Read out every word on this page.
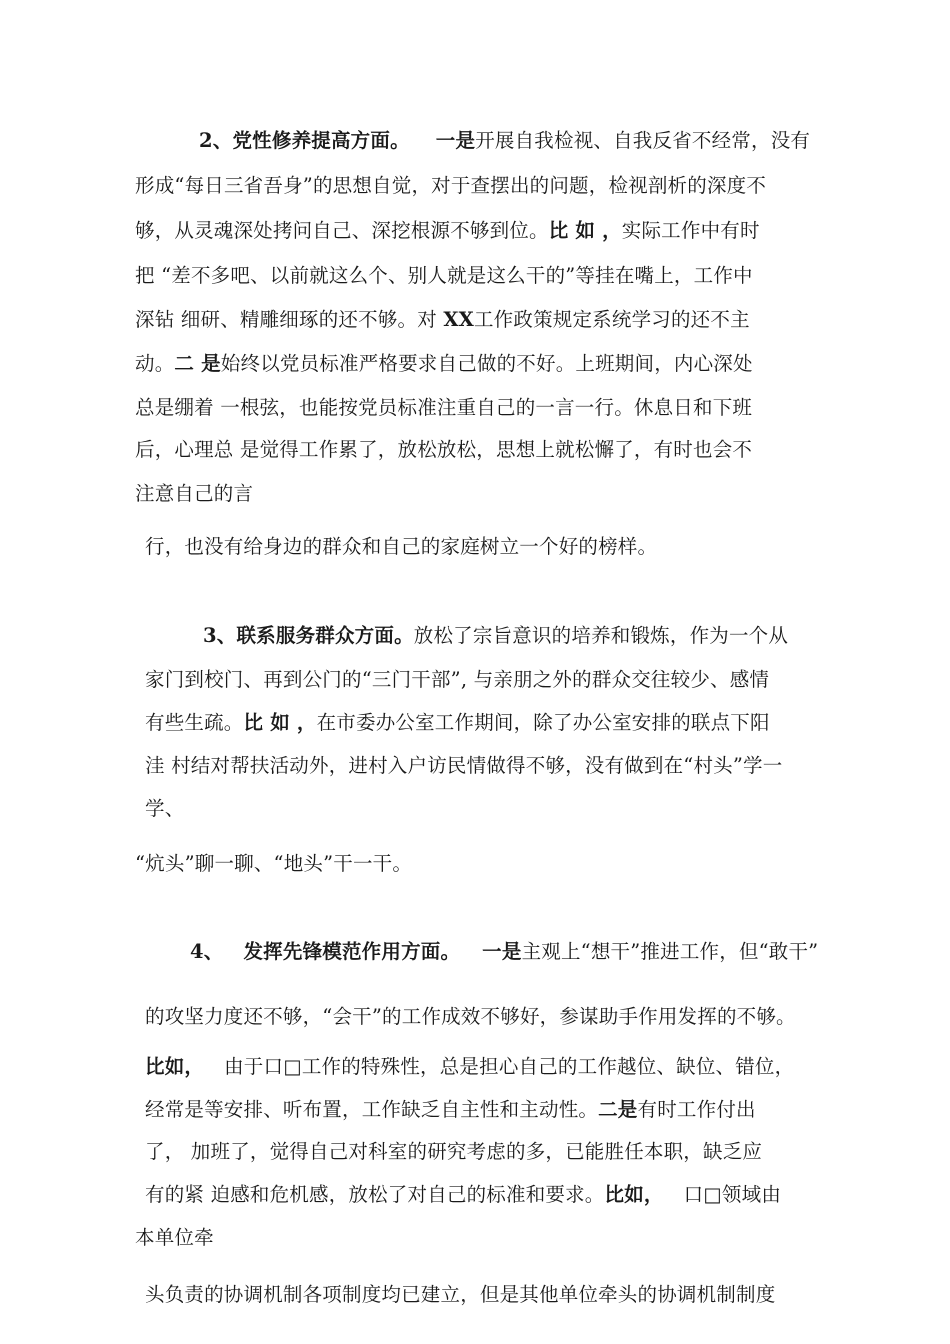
2、党性修养提高方面。 一是开展自我检视、自我反省不经常，没有
形成“每日三省吾身”的思想自觉，对于查摆出的问题，检视剖析的深度不
够，从灵魂深处拷问自己、深挖根源不够到位。比 如 ，实际工作中有时
把 “差不多吧、以前就这么个、别人就是这么干的”等挂在嘴上，工作中
深钻 细研、精雕细琢的还不够。对 XX工作政策规定系统学习的还不主
动。二 是始终以党员标准严格要求自己做的不好。上班期间，内心深处
总是绷着 一根弦，也能按党员标准注重自己的一言一行。休息日和下班
后，心理总 是觉得工作累了，放松放松，思想上就松懈了，有时也会不
注意自己的言
行，也没有给身边的群众和自己的家庭树立一个好的榜样。
3、联系服务群众方面。放松了宗旨意识的培养和锻炼，作为一个从
家门到校门、再到公门的“三门干部”, 与亲朋之外的群众交往较少、感情
有些生疏。比 如 ，在市委办公室工作期间，除了办公室安排的联点下阳
洼 村结对帮扶活动外，进村入户访民情做得不够，没有做到在“村头”学一
学、
“炕头”聊一聊、“地头”干一干。
4、 发挥先锋模范作用方面。 一是主观上“想干”推进工作，但“敢干”
的攻坚力度还不够，“会干”的工作成效不够好，参谋助手作用发挥的不够。
比如， 由于口□工作的特殊性，总是担心自己的工作越位、缺位、错位，
经常是等安排、听布置，工作缺乏自主性和主动性。二是有时工作付出
了， 加班了，觉得自己对科室的研究考虑的多，已能胜任本职，缺乏应
有的紧 迫感和危机感，放松了对自己的标准和要求。比如， 口□领域由
本单位牵
头负责的协调机制各项制度均已建立，但是其他单位牵头的协调机制制度
